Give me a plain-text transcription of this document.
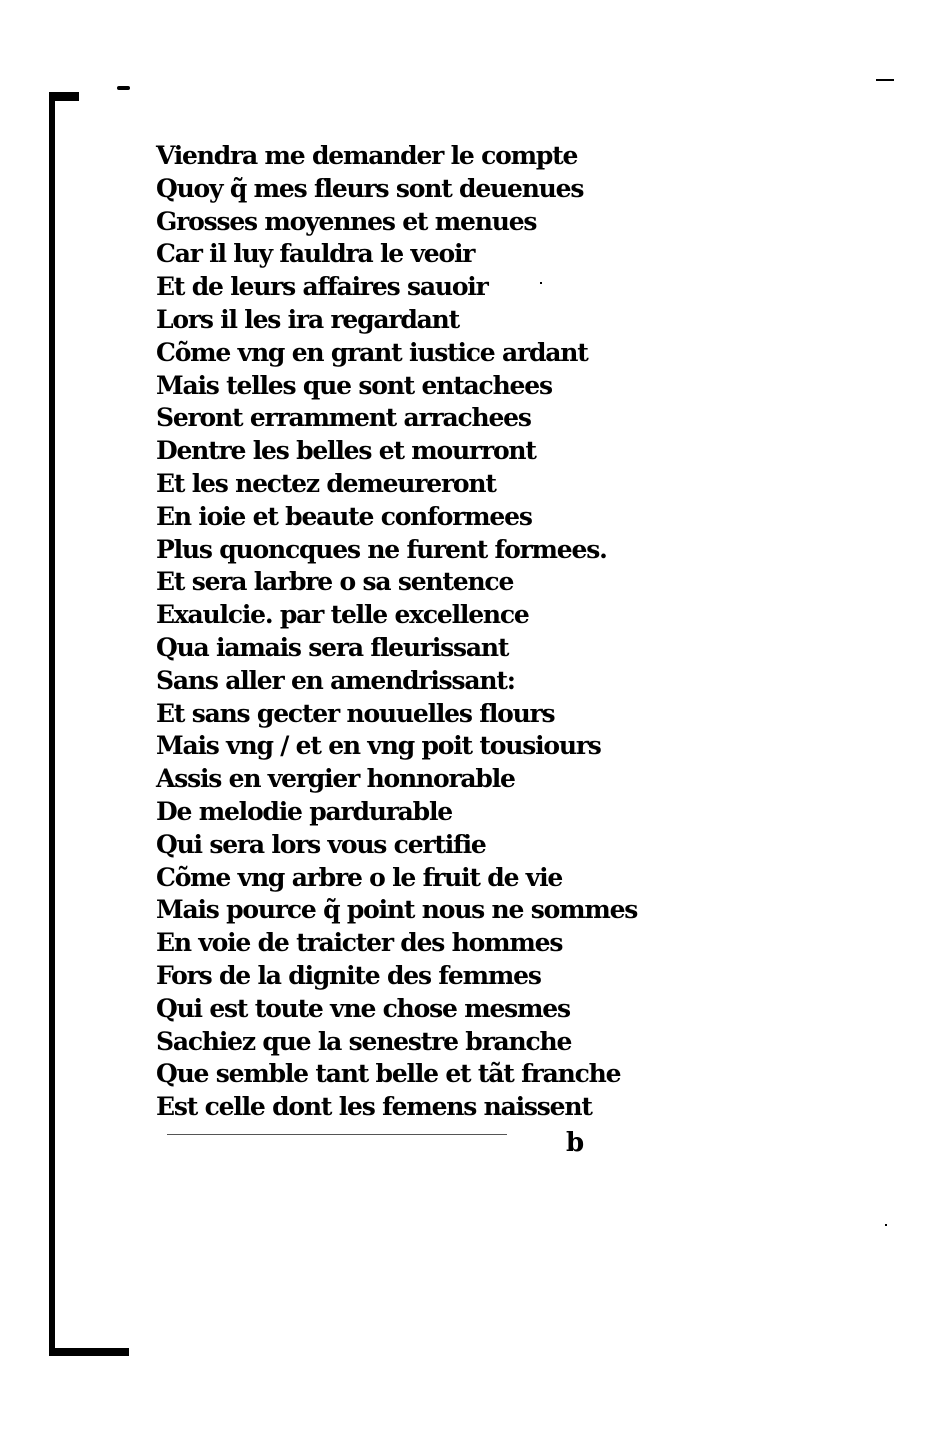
Viendra me demander le compte
Quoy q̃ mes fleurs sont deuenues
Grosses moyennes et menues
Car il luy fauldra le veoir
Et de leurs affaires sauoir
Lors il les ira regardant
Cõme vng en grant iustice ardant
Mais telles que sont entachees
Seront erramment arrachees
Dentre les belles et mourront
Et les nectez demeureront
En ioie et beaute conformees
Plus quoncques ne furent formees.
Et sera larbre o sa sentence
Exaulcie. par telle excellence
Qua iamais sera fleurissant
Sans aller en amendrissant:
Et sans gecter nouuelles flours
Mais vng / et en vng poit tousiours
Assis en vergier honnorable
De melodie pardurable
Qui sera lors vous certifie
Cõme vng arbre o le fruit de vie
Mais pource q̃ point nous ne sommes
En voie de traicter des hommes
Fors de la dignite des femmes
Qui est toute vne chose mesmes
Sachiez que la senestre branche
Que semble tant belle et tãt franche
Est celle dont les femens naissent
b
